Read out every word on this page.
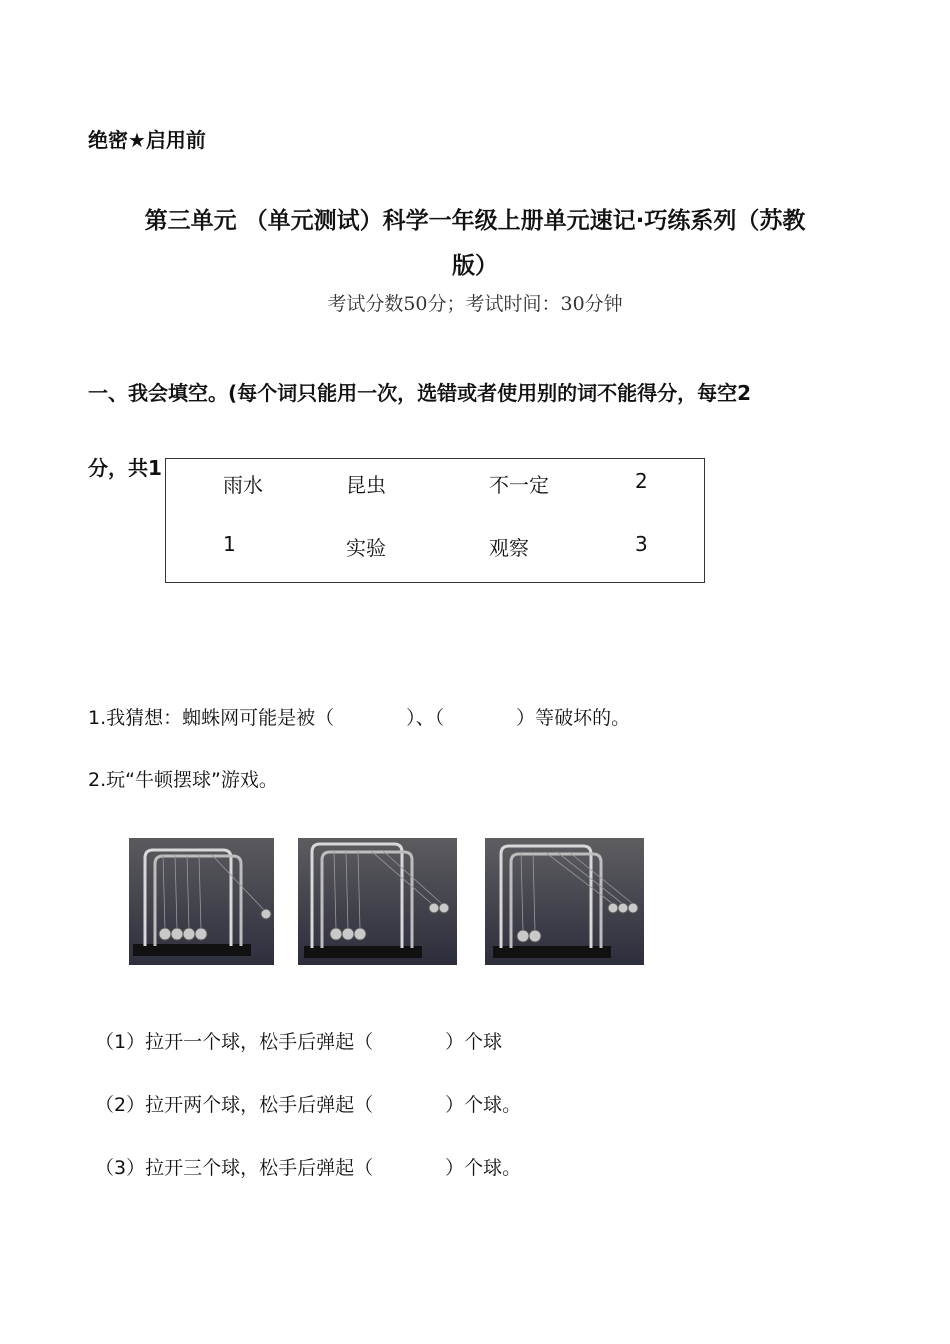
绝密★启用前
第三单元 （单元测试）科学一年级上册单元速记·巧练系列（苏教
版）
考试分数50分；考试时间：30分钟
一、我会填空。(每个词只能用一次，选错或者使用别的词不能得分，每空2
分，共1
雨水	昆虫	不一定	2
1	实验	观察	3
1.我猜想：蜘蛛网可能是被（	）、（	）等破坏的。
2.玩“牛顿摆球”游戏。
（1）拉开一个球，松手后弹起（	）个球
（2）拉开两个球，松手后弹起（	）个球。
（3）拉开三个球，松手后弹起（	）个球。
